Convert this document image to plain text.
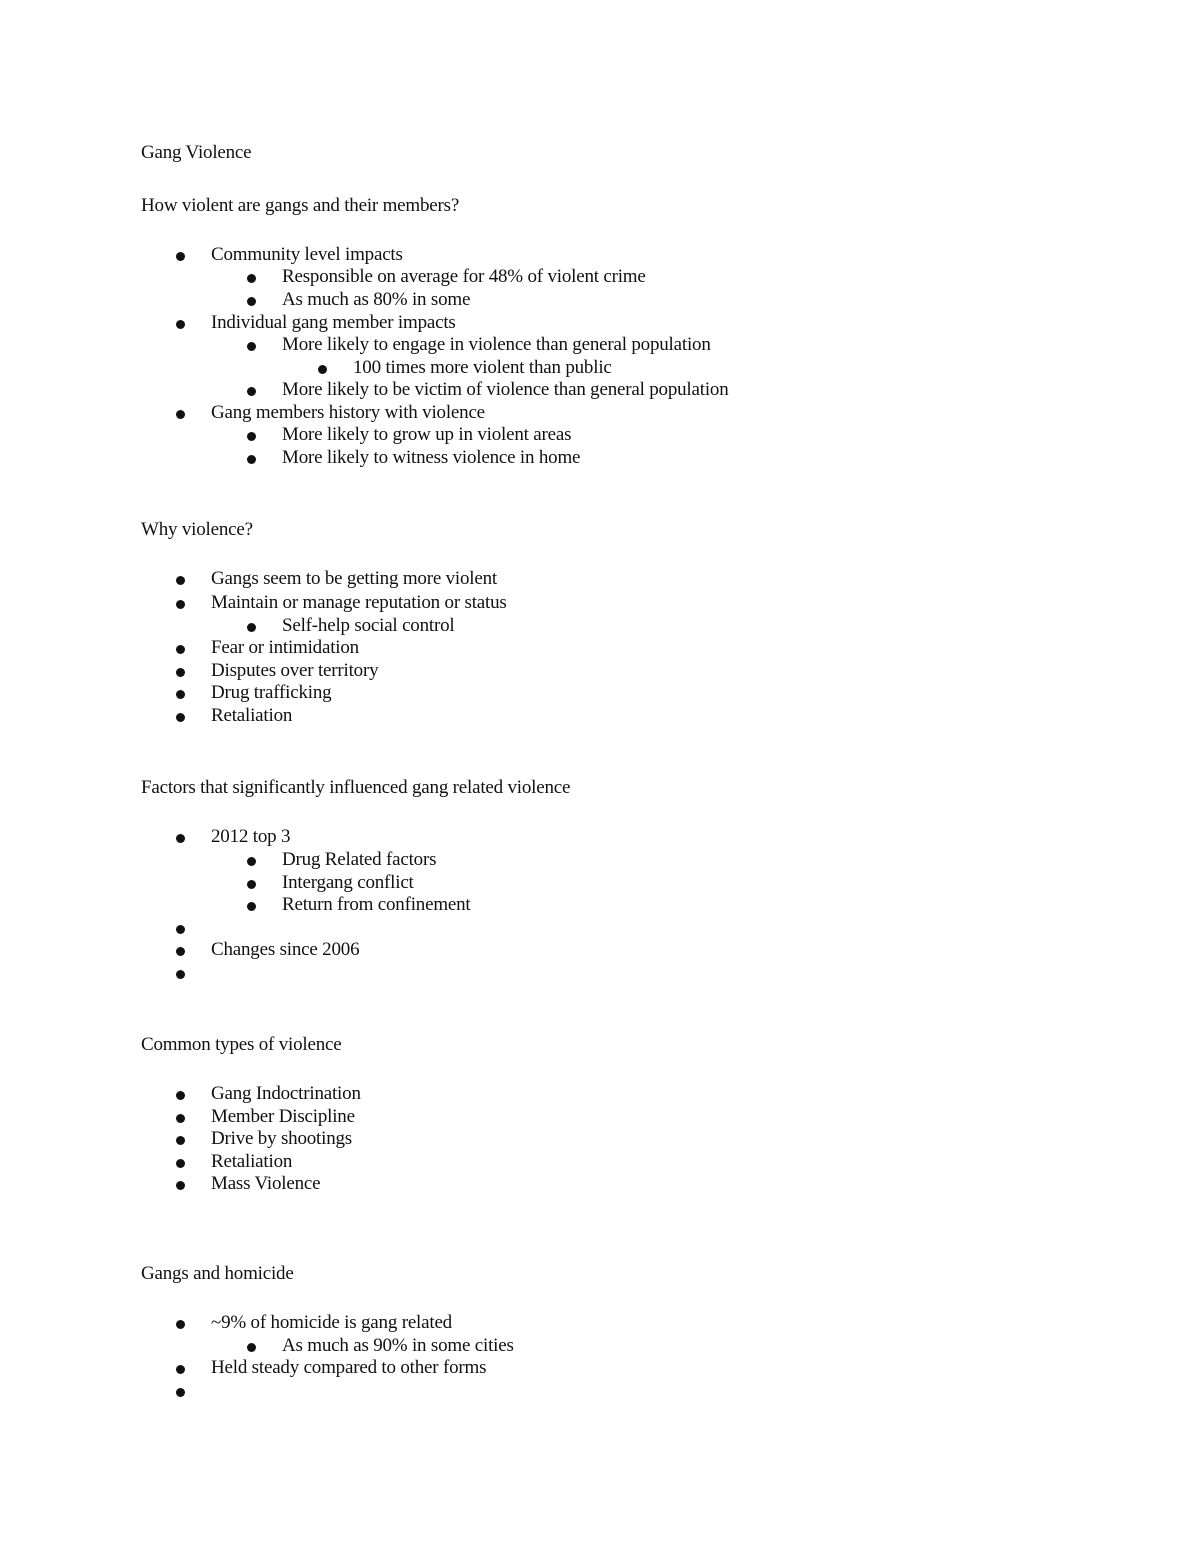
Gang Violence
How violent are gangs and their members?
Community level impacts
Responsible on average for 48% of violent crime
As much as 80% in some
Individual gang member impacts
More likely to engage in violence than general population
100 times more violent than public
More likely to be victim of violence than general population
Gang members history with violence
More likely to grow up in violent areas
More likely to witness violence in home
Why violence?
Gangs seem to be getting more violent
Maintain or manage reputation or status
Self-help social control
Fear or intimidation
Disputes over territory
Drug trafficking
Retaliation
Factors that significantly influenced gang related violence
2012 top 3
Drug Related factors
Intergang conflict
Return from confinement
Changes since 2006
Common types of violence
Gang Indoctrination
Member Discipline
Drive by shootings
Retaliation
Mass Violence
Gangs and homicide
~9% of homicide is gang related
As much as 90% in some cities
Held steady compared to other forms
